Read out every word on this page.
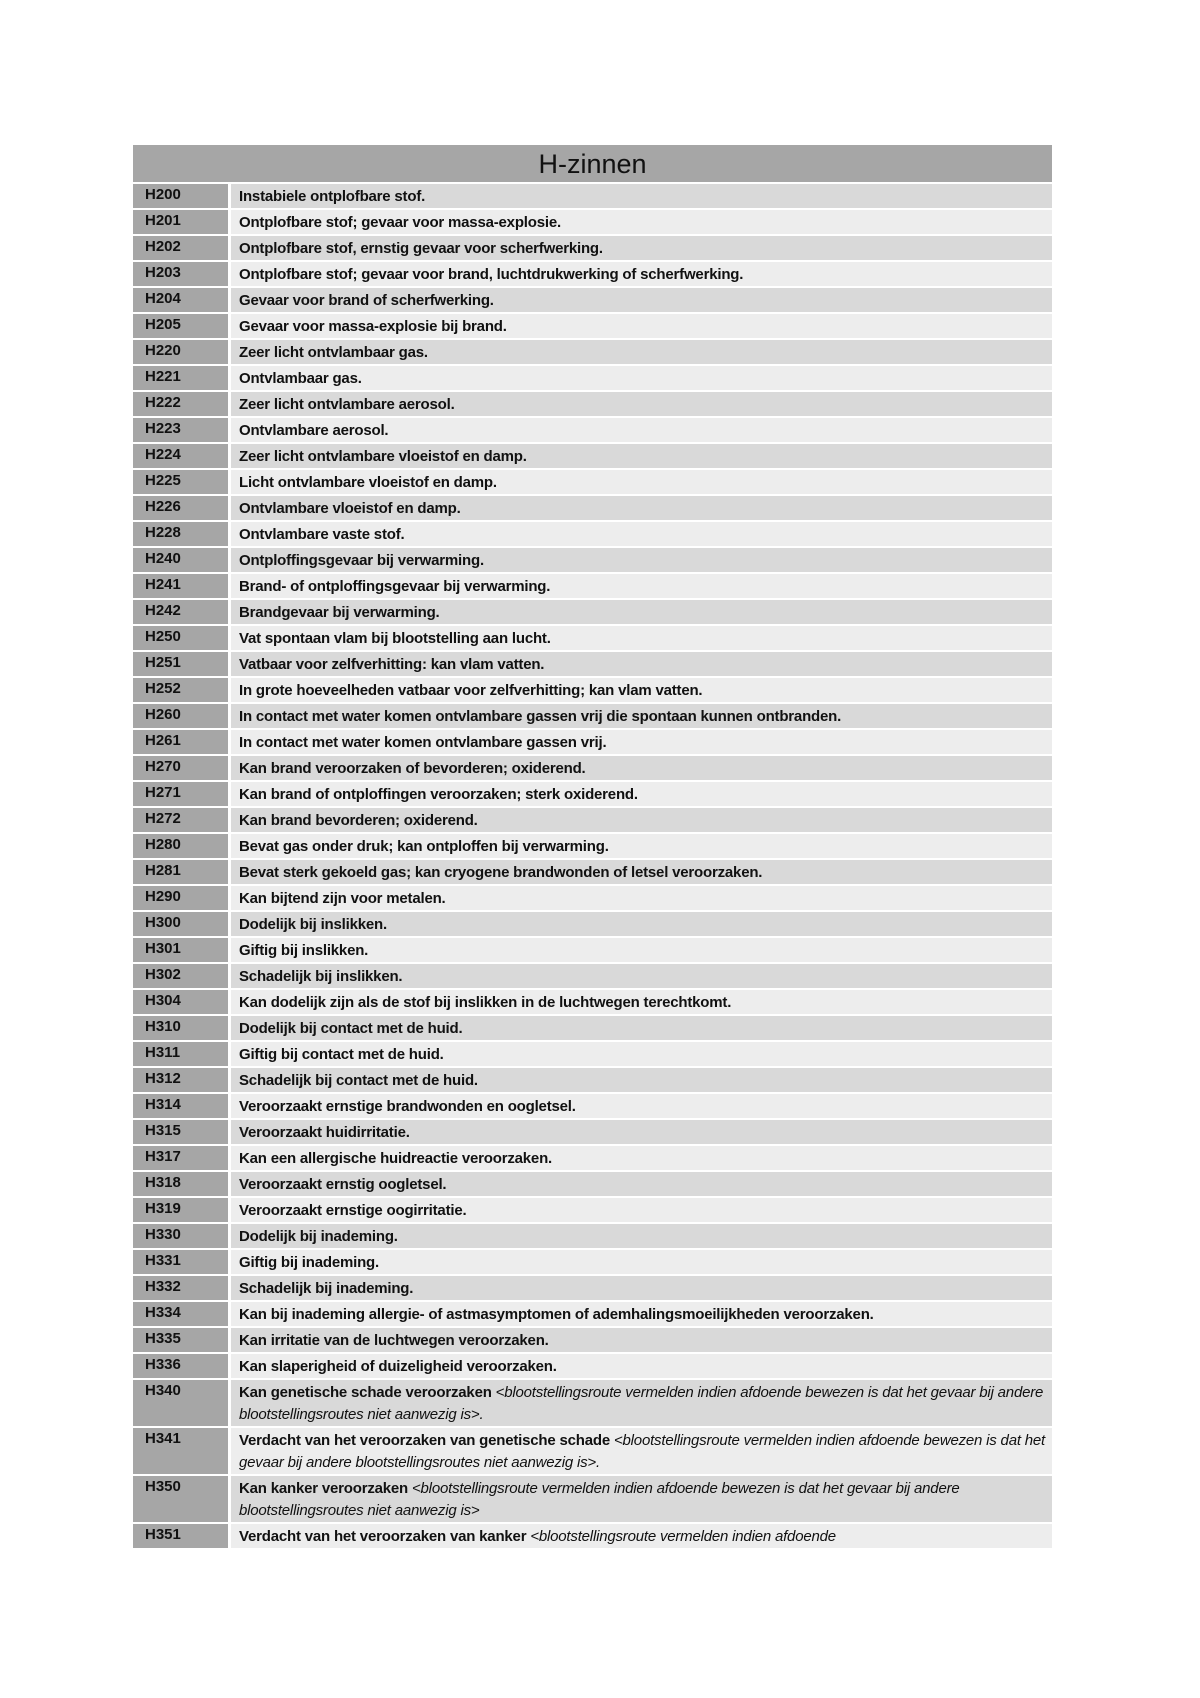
H-zinnen
H200	Instabiele ontplofbare stof.
H201	Ontplofbare stof; gevaar voor massa-explosie.
H202	Ontplofbare stof, ernstig gevaar voor scherfwerking.
H203	Ontplofbare stof; gevaar voor brand, luchtdrukwerking of scherfwerking.
H204	Gevaar voor brand of scherfwerking.
H205	Gevaar voor massa-explosie bij brand.
H220	Zeer licht ontvlambaar gas.
H221	Ontvlambaar gas.
H222	Zeer licht ontvlambare aerosol.
H223	Ontvlambare aerosol.
H224	Zeer licht ontvlambare vloeistof en damp.
H225	Licht ontvlambare vloeistof en damp.
H226	Ontvlambare vloeistof en damp.
H228	Ontvlambare vaste stof.
H240	Ontploffingsgevaar bij verwarming.
H241	Brand- of ontploffingsgevaar bij verwarming.
H242	Brandgevaar bij verwarming.
H250	Vat spontaan vlam bij blootstelling aan lucht.
H251	Vatbaar voor zelfverhitting: kan vlam vatten.
H252	In grote hoeveelheden vatbaar voor zelfverhitting; kan vlam vatten.
H260	In contact met water komen ontvlambare gassen vrij die spontaan kunnen ontbranden.
H261	In contact met water komen ontvlambare gassen vrij.
H270	Kan brand veroorzaken of bevorderen; oxiderend.
H271	Kan brand of ontploffingen veroorzaken; sterk oxiderend.
H272	Kan brand bevorderen; oxiderend.
H280	Bevat gas onder druk; kan ontploffen bij verwarming.
H281	Bevat sterk gekoeld gas; kan cryogene brandwonden of letsel veroorzaken.
H290	Kan bijtend zijn voor metalen.
H300	Dodelijk bij inslikken.
H301	Giftig bij inslikken.
H302	Schadelijk bij inslikken.
H304	Kan dodelijk zijn als de stof bij inslikken in de luchtwegen terechtkomt.
H310	Dodelijk bij contact met de huid.
H311	Giftig bij contact met de huid.
H312	Schadelijk bij contact met de huid.
H314	Veroorzaakt ernstige brandwonden en oogletsel.
H315	Veroorzaakt huidirritatie.
H317	Kan een allergische huidreactie veroorzaken.
H318	Veroorzaakt ernstig oogletsel.
H319	Veroorzaakt ernstige oogirritatie.
H330	Dodelijk bij inademing.
H331	Giftig bij inademing.
H332	Schadelijk bij inademing.
H334	Kan bij inademing allergie- of astmasymptomen of ademhalingsmoeilijkheden veroorzaken.
H335	Kan irritatie van de luchtwegen veroorzaken.
H336	Kan slaperigheid of duizeligheid veroorzaken.
H340	Kan genetische schade veroorzaken <blootstellingsroute vermelden indien afdoende bewezen is dat het gevaar bij andere blootstellingsroutes niet aanwezig is>.
H341	Verdacht van het veroorzaken van genetische schade <blootstellingsroute vermelden indien afdoende bewezen is dat het gevaar bij andere blootstellingsroutes niet aanwezig is>.
H350	Kan kanker veroorzaken <blootstellingsroute vermelden indien afdoende bewezen is dat het gevaar bij andere blootstellingsroutes niet aanwezig is>
H351	Verdacht van het veroorzaken van kanker <blootstellingsroute vermelden indien afdoende
